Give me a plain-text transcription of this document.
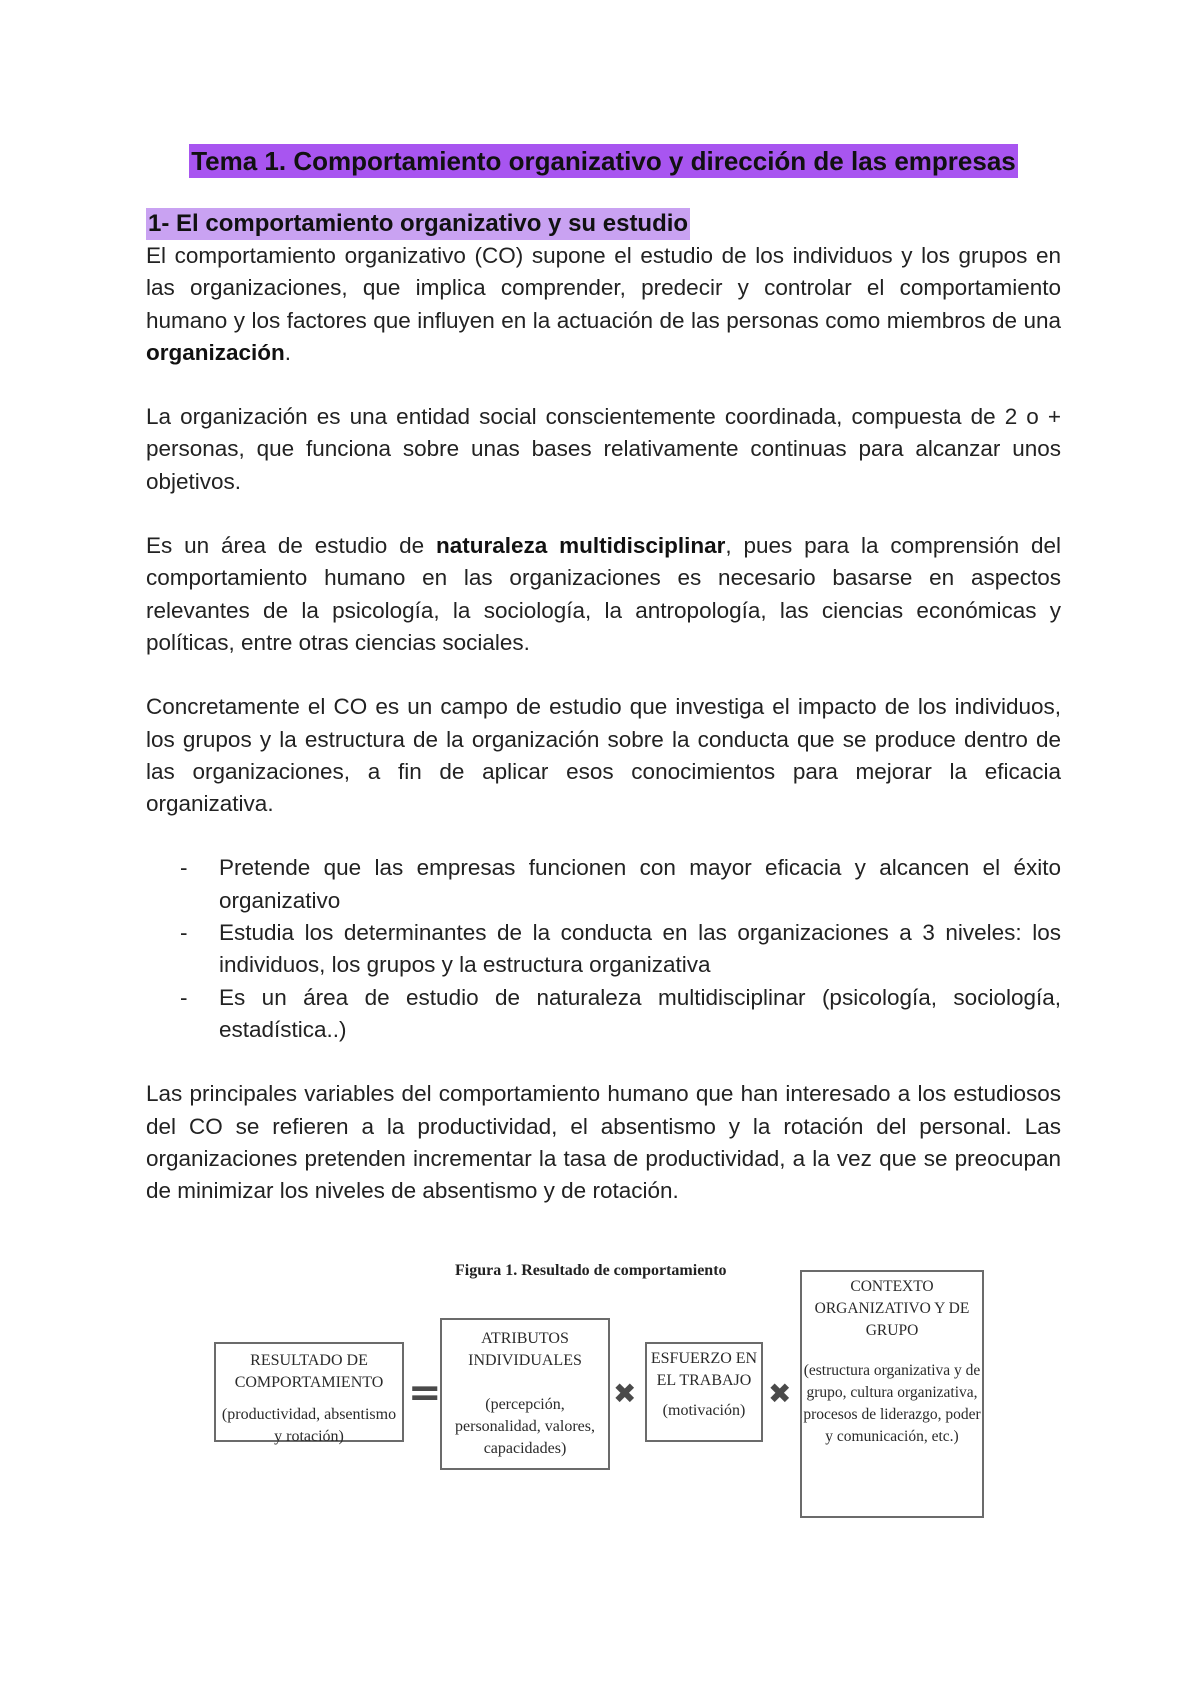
Tema 1. Comportamiento organizativo y dirección de las empresas
1- El comportamiento organizativo y su estudio

El comportamiento organizativo (CO) supone el estudio de los individuos y los grupos en las organizaciones, que implica comprender, predecir y controlar el comportamiento humano y los factores que influyen en la actuación de las personas como miembros de una organización.

La organización es una entidad social conscientemente coordinada, compuesta de 2 o + personas, que funciona sobre unas bases relativamente continuas para alcanzar unos objetivos.

Es un área de estudio de naturaleza multidisciplinar, pues para la comprensión del comportamiento humano en las organizaciones es necesario basarse en aspectos relevantes de la psicología, la sociología, la antropología, las ciencias económicas y políticas, entre otras ciencias sociales.

Concretamente el CO es un campo de estudio que investiga el impacto de los individuos, los grupos y la estructura de la organización sobre la conducta que se produce dentro de las organizaciones, a fin de aplicar esos conocimientos para mejorar la eficacia organizativa.

- Pretende que las empresas funcionen con mayor eficacia y alcancen el éxito organizativo
- Estudia los determinantes de la conducta en las organizaciones a 3 niveles: los individuos, los grupos y la estructura organizativa
- Es un área de estudio de naturaleza multidisciplinar (psicología, sociología, estadística..)

Las principales variables del comportamiento humano que han interesado a los estudiosos del CO se refieren a la productividad, el absentismo y la rotación del personal. Las organizaciones pretenden incrementar la tasa de productividad, a la vez que se preocupan de minimizar los niveles de absentismo y de rotación.

Figura 1. Resultado de comportamiento
RESULTADO DE COMPORTAMIENTO
(productividad, absentismo y rotación)
=
ATRIBUTOS INDIVIDUALES
(percepción, personalidad, valores, capacidades)
✖
ESFUERZO EN EL TRABAJO
(motivación)
✖
CONTEXTO ORGANIZATIVO Y DE GRUPO
(estructura organizativa y de grupo, cultura organizativa, procesos de liderazgo, poder y comunicación, etc.)
